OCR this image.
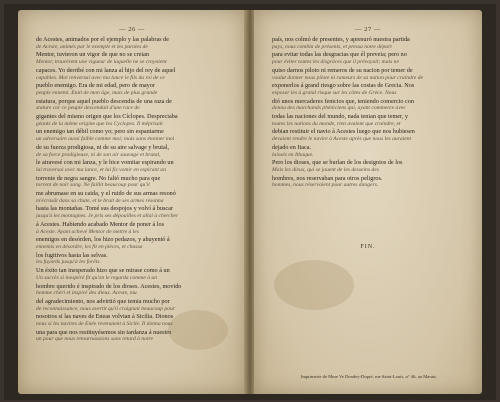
— 26 —
de Acestes, animados por el ejemplo y las palabras de
de Aceste, animés par le exemple et les paroles de
Mentor, tuvieron un vigor de que no se creian
Mentor, trouvèrent une vigueur de laquelle ne se croyaient
capaces. Yo derribé con mi lanza al hijo del rey de aquel
capables. Moi renversai avec ma lance le fils du roi de ce
pueblo enemigo. Era de mi edad, pero de mayor
peuple ennemi. Était de mon âge, mais de plus grande
estatura, porque aquel pueblo descendia de una raza de
stature car ce peuple descendait d'une race de
gigantes del mismo origen que los Cíclopes. Despreciaba
géants de la même origine que les Cyclopes. Il méprisait
un enemigo tan débil como yo; pero sin espantarme
un adversaire aussi faible comme moi; mais sans étonner moi
de su fuerza prodigiosa, ni de su aire salvage y brutal,
de sa force prodigieuse, ni de son air sauvage et brutal,
le atravesé con mi lanza, y le hice vomitar espirando un
lui traversai avec ma lance, et lui fis vomir en expirant un
torrente de negra sangre. No faltó mucho para que
torrent de noir sang. Ne faillit beaucoup pour qu'il
me abrumase en su caida, y el ruido de sus armas resonó
m'écrasât dans sa chute, et le bruit de ses armes résonna
hasta las montañas. Tomé sus despojos y volví á buscar
jusqu'à les montagnes. Je pris ses dépouilles et allai à chercher
á Acestes. Habiendo acabado Mentor de poner á los
à Aceste. Ayant achevé Mentor de mettre à les
enemigos en desórden, los hizo pedazos, y ahuyentó á
ennemis en désordre, les fit en pièces, et chassa
los fugitivos hasta las selvas.
les fuyards jusqu'à les forêts.
Un éxito tan inesperado hizo que se mirase como á un
Un succès si inespéré fit qu'on le regarda comme à un
hombre querido é inspirado de los dioses. Acestes, movido
homme chéri et inspiré des dieux. Aceste, mu
del agradecimiento, nos advirtió que temia mucho por
de reconnaissance, nous avertit qu'il craignait beaucoup pour
nosotros si las naves de Eneas volvian á Sicilia. Dionos
nous si les navires de Énée revenaient à Sicile. Il donna nous
una para que nos restituyésemos sin tardanza á nuestro
un pour que nous retournassions sans retard à notre
— 27 —
país, nos colmó de presentes, y apresuró nuestra partida
pays, nous combla de présents, et pressa notre départ
para evitar todas las desgracias que él preveia; pero no
pour éviter toutes les disgrâces que il prévoyait; mais ne
quiso darnos piloto ni remeros de su nacion por temer de
voulut donner nous pilote ni rameurs de sa nation pour craindre de
exponerlos á grand riesgo sobre las costas de Grecia. Nos
exposer les à grand risque sur les côtes de Grèce. Nous
dió unos mercaderes fenicios que, teniendo comercio con
donna des marchands phéniciens qui, ayant commerce avec
todas las naciones del mundo, nada tenian que temer, y
toutes les nations du monde, rien avaient que craindre, et
debian restituir el navio á Acestes luego que nos hubiesen
devaient rendre le navire à Aceste après que nous les auraient
dejado en Itaca.
laissés en Ithaque.
Pero los dioses, que se burlan de los designios de los
Mais les dieux, qui se jouent de les desseins des
hombres, nos reservaban para otros peligros.
hommes, nous réservaient pour autres dangers.
FIN.
Imprimerie de Mme Ve Dondey-Dupré, rue Saint-Louis, n° 46, au Marais.
